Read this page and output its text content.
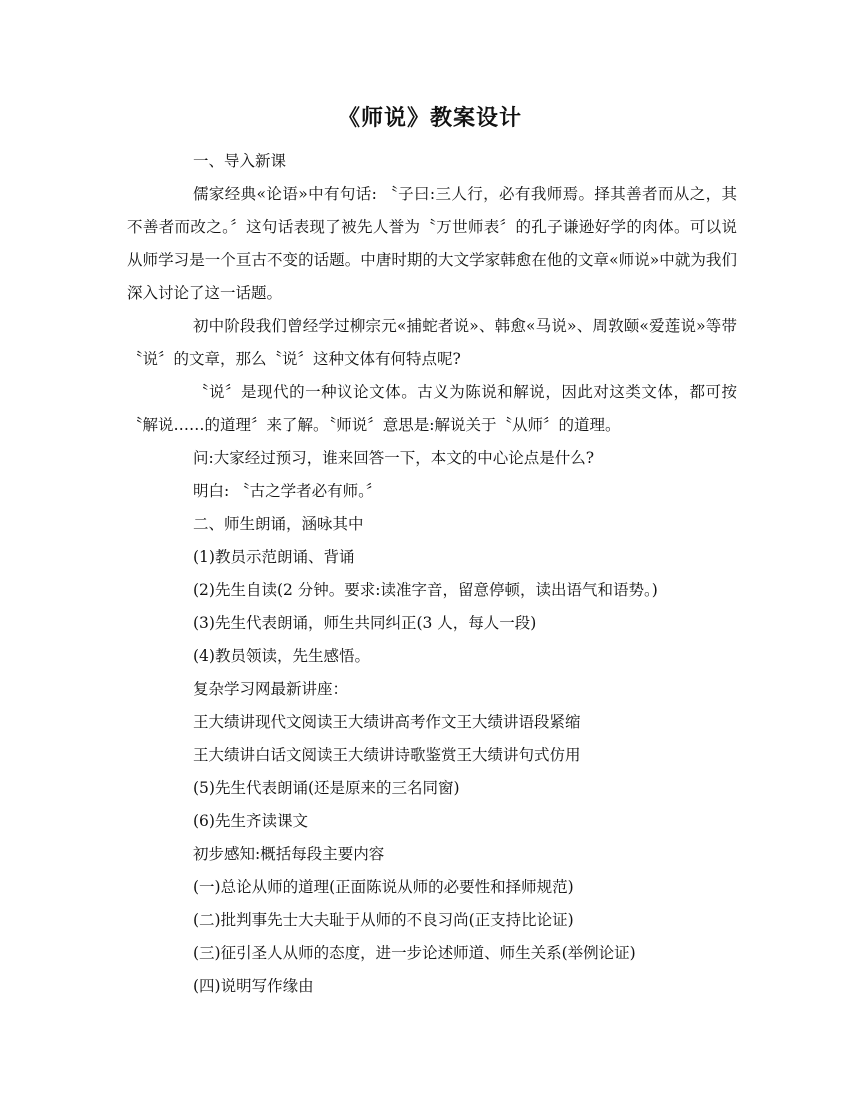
《师说》教案设计

一、导入新课

儒家经典«论语»中有句话: 〝子曰:三人行，必有我师焉。择其善者而从之，其不善者而改之。〞这句话表现了被先人誉为〝万世师表〞的孔子谦逊好学的肉体。可以说从师学习是一个亘古不变的话题。中唐时期的大文学家韩愈在他的文章«师说»中就为我们深入讨论了这一话题。

初中阶段我们曾经学过柳宗元«捕蛇者说»、韩愈«马说»、周敦颐«爱莲说»等带〝说〞的文章，那么〝说〞这种文体有何特点呢?

〝说〞是现代的一种议论文体。古义为陈说和解说，因此对这类文体，都可按〝解说……的道理〞来了解。〝师说〞意思是:解说关于〝从师〞的道理。

问:大家经过预习，谁来回答一下，本文的中心论点是什么?

明白: 〝古之学者必有师。〞

二、师生朗诵，涵咏其中

(1)教员示范朗诵、背诵

(2)先生自读(2 分钟。要求:读准字音，留意停顿，读出语气和语势。)

(3)先生代表朗诵，师生共同纠正(3 人，每人一段)

(4)教员领读，先生感悟。

复杂学习网最新讲座：

王大绩讲现代文阅读王大绩讲高考作文王大绩讲语段紧缩

王大绩讲白话文阅读王大绩讲诗歌鉴赏王大绩讲句式仿用

(5)先生代表朗诵(还是原来的三名同窗)

(6)先生齐读课文

初步感知:概括每段主要内容

(一)总论从师的道理(正面陈说从师的必要性和择师规范)

(二)批判事先士大夫耻于从师的不良习尚(正支持比论证)

(三)征引圣人从师的态度，进一步论述师道、师生关系(举例论证)

(四)说明写作缘由
